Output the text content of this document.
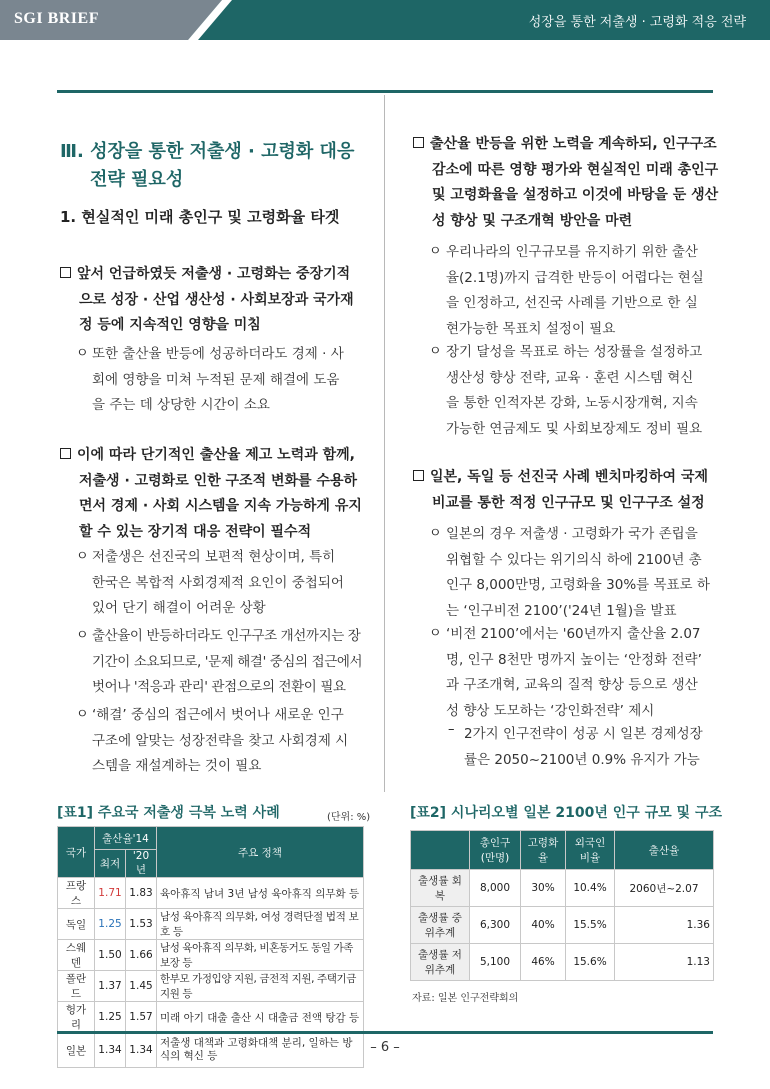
SGI BRIEF	성장을 통한 저출생 · 고령화 적응 전략
Ⅲ. 성장을 통한 저출생 · 고령화 대응
전략 필요성
1. 현실적인 미래 총인구 및 고령화율 타겟
앞서 언급하였듯 저출생 · 고령화는 중장기적
으로 성장 · 산업 생산성 · 사회보장과 국가재
정 등에 지속적인 영향을 미침
ㅇ 또한 출산율 반등에 성공하더라도 경제 · 사
회에 영향을 미쳐 누적된 문제 해결에 도움
을 주는 데 상당한 시간이 소요
이에 따라 단기적인 출산율 제고 노력과 함께,
저출생 · 고령화로 인한 구조적 변화를 수용하
면서 경제 · 사회 시스템을 지속 가능하게 유지
할 수 있는 장기적 대응 전략이 필수적
ㅇ 저출생은 선진국의 보편적 현상이며, 특히
한국은 복합적 사회경제적 요인이 중첩되어
있어 단기 해결이 어려운 상황
ㅇ 출산율이 반등하더라도 인구구조 개선까지는 장
기간이 소요되므로, '문제 해결' 중심의 접근에서
벗어나 '적응과 관리' 관점으로의 전환이 필요
ㅇ ‘해결’ 중심의 접근에서 벗어나 새로운 인구
구조에 알맞는 성장전략을 찾고 사회경제 시
스템을 재설계하는 것이 필요
출산율 반등을 위한 노력을 계속하되, 인구구조
감소에 따른 영향 평가와 현실적인 미래 총인구
및 고령화율을 설정하고 이것에 바탕을 둔 생산
성 향상 및 구조개혁 방안을 마련
ㅇ 우리나라의 인구규모를 유지하기 위한 출산
율(2.1명)까지 급격한 반등이 어렵다는 현실
을 인정하고, 선진국 사례를 기반으로 한 실
현가능한 목표치 설정이 필요
ㅇ 장기 달성을 목표로 하는 성장률을 설정하고
생산성 향상 전략, 교육 · 훈련 시스템 혁신
을 통한 인적자본 강화, 노동시장개혁, 지속
가능한 연금제도 및 사회보장제도 정비 필요
일본, 독일 등 선진국 사례 벤치마킹하여 국제
비교를 통한 적정 인구규모 및 인구구조 설정
ㅇ 일본의 경우 저출생 · 고령화가 국가 존립을
위협할 수 있다는 위기의식 하에 2100년 총
인구 8,000만명, 고령화율 30%를 목표로 하
는 ‘인구비전 2100’('24년 1월)을 발표
ㅇ ‘비전 2100’에서는 '60년까지 출산율 2.07
명, 인구 8천만 명까지 높이는 ‘안정화 전략’
과 구조개혁, 교육의 질적 향상 등으로 생산
성 향상 도모하는 ‘강인화전략’ 제시
– 2가지 인구전략이 성공 시 일본 경제성장
률은 2050~2100년 0.9% 유지가 가능
[표1] 주요국 저출생 극복 노력 사례	(단위: %)
국가	출산율'14		주요 정책
	최저	'20년	
프랑스	1.71	1.83	육아휴직 남녀 3년 남성 육아휴직 의무화 등
독일	1.25	1.53	남성 육아휴직 의무화, 여성 경력단절 법적 보호 등
스웨덴	1.50	1.66	남성 육아휴직 의무화, 비혼동거도 동일 가족 보장 등
폴란드	1.37	1.45	한부모 가정입양 지원, 금전적 지원, 주택기금 지원 등
헝가리	1.25	1.57	미래 아기 대출 출산 시 대출금 전액 탕감 등
일본	1.34	1.34	저출생 대책과 고령화대책 분리, 일하는 방식의 혁신 등
[표2] 시나리오별 일본 2100년 인구 규모 및 구조
	총인구 (만명)	고령화율	외국인 비율	출산율
출생률 회복	8,000	30%	10.4%	2060년~2.07
출생률 중위추계	6,300	40%	15.5%	1.36
출생률 저위추계	5,100	46%	15.6%	1.13
자료: 일본 인구전략회의
– 6 –
